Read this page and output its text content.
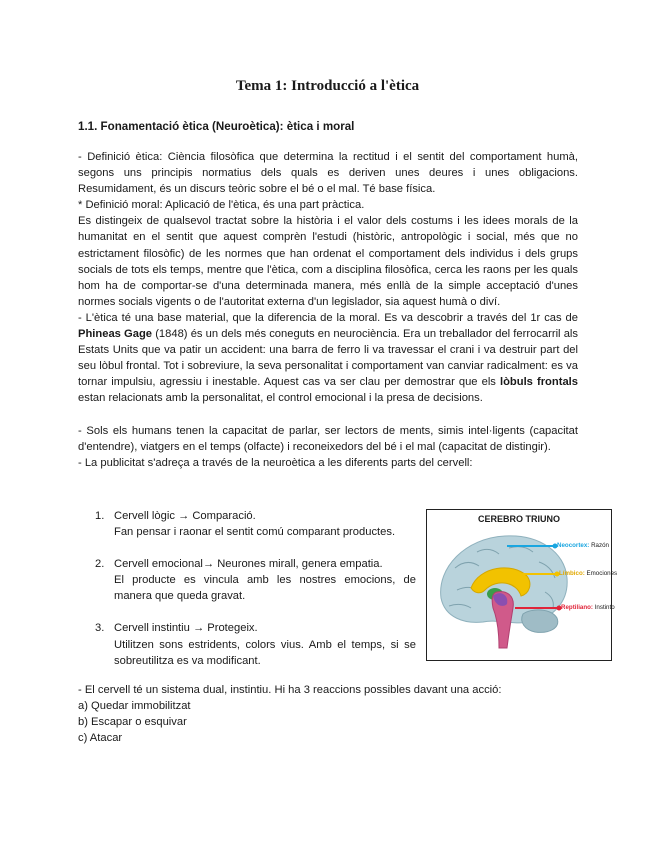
Tema 1: Introducció a l'ètica
1.1. Fonamentació ètica (Neuroètica): ètica i moral

- Definició ètica: Ciència filosòfica que determina la rectitud i el sentit del comportament humà, segons uns principis normatius dels quals es deriven unes deures i unes obligacions. Resumidament, és un discurs teòric sobre el bé o el mal. Té base física.

* Definició moral: Aplicació de l'ètica, és una part pràctica.

Es distingeix de qualsevol tractat sobre la història i el valor dels costums i les idees morals de la humanitat en el sentit que aquest comprèn l'estudi (històric, antropològic i social, més que no estrictament filosòfic) de les normes que han ordenat el comportament dels individus i dels grups socials de tots els temps, mentre que l'ètica, com a disciplina filosòfica, cerca les raons per les quals hom ha de comportar-se d'una determinada manera, més enllà de la simple acceptació d'unes normes socials vigents o de l'autoritat externa d'un legislador, sia aquest humà o diví.

- L'ètica té una base material, que la diferencia de la moral. Es va descobrir a través del 1r cas de Phineas Gage (1848) és un dels més coneguts en neurociència. Era un treballador del ferrocarril als Estats Units que va patir un accident: una barra de ferro li va travessar el crani i va destruir part del seu lòbul frontal. Tot i sobreviure, la seva personalitat i comportament van canviar radicalment: es va tornar impulsiu, agressiu i inestable. Aquest cas va ser clau per demostrar que els lòbuls frontals estan relacionats amb la personalitat, el control emocional i la presa de decisions.

- Sols els humans tenen la capacitat de parlar, ser lectors de ments, simis intel·ligents (capacitat d'entendre), viatgers en el temps (olfacte) i reconeixedors del bé i el mal (capacitat de distingir).

- La publicitat s'adreça a través de la neuroètica a les diferents parts del cervell:

1. Cervell lògic → Comparació.
Fan pensar i raonar el sentit comú comparant productes.
2. Cervell emocional→ Neurones mirall, genera empatia.
El producte es vincula amb les nostres emocions, de manera que queda gravat.
3. Cervell instintiu → Protegeix.
Utilitzen sons estridents, colors vius. Amb el temps, si se sobreutilitza es va modificant.
CEREBRO TRIUNO
Neocortex: Razón
Límbico: Emociones
Reptiliano: Instinto

- El cervell té un sistema dual, instintiu. Hi ha 3 reaccions possibles davant una acció:

a) Quedar immobilitzat

b) Escapar o esquivar

c) Atacar
